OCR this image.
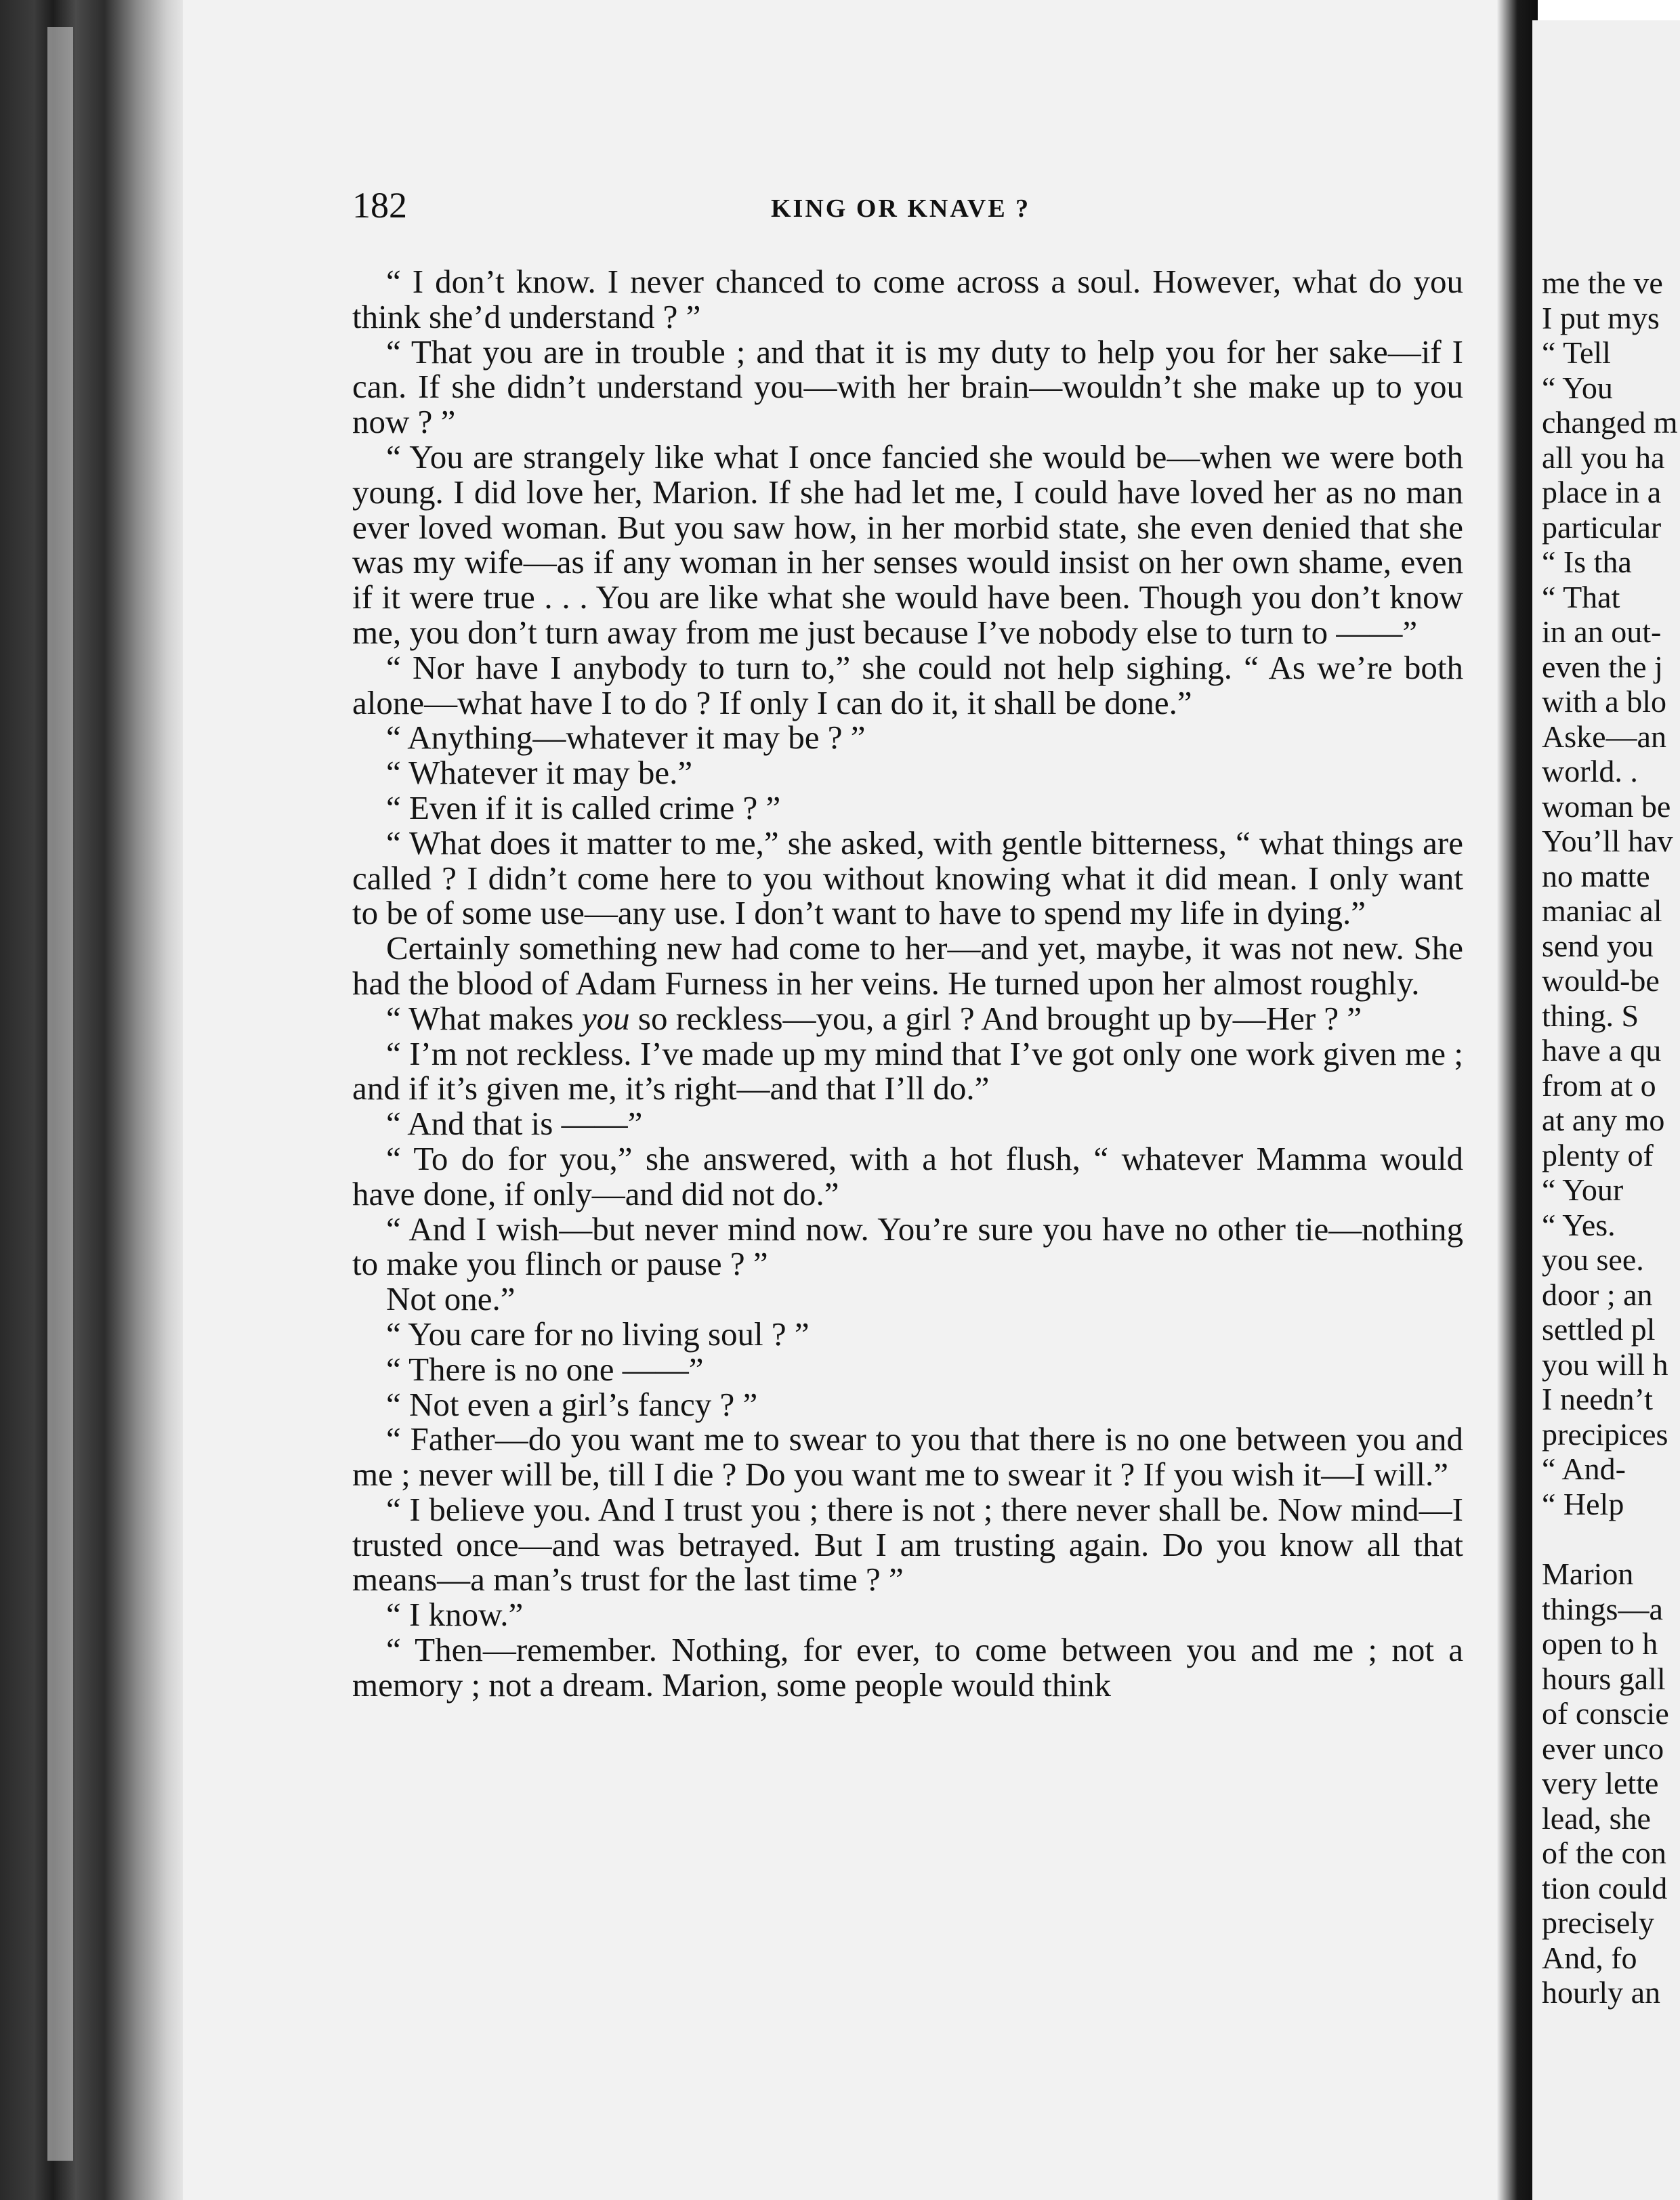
me the ve
I put mys
“ Tell
“ You
changed m
all you ha
place in a
particular
“ Is tha
“ That
in an out-
even the j
with a blo
Aske—an
world. .
woman be
You’ll hav
no matte
maniac al
send you
would-be
thing. S
have a qu
from at o
at any mo
plenty of
“ Your
“ Yes.
you see.
door ; an
settled pl
you will h
I needn’t
precipices
“ And-
“ Help
Marion
things—a
open to h
hours gall
of conscie
ever unco
very lette
lead, she
of the con
tion could
precisely
And, fo
hourly an
182	KING OR KNAVE ?
“ I don’t know. I never chanced to come across a soul. However, what do you think she’d understand ? ”
“ That you are in trouble ; and that it is my duty to help you for her sake—if I can. If she didn’t understand you—with her brain—wouldn’t she make up to you now ? ”
“ You are strangely like what I once fancied she would be—when we were both young. I did love her, Marion. If she had let me, I could have loved her as no man ever loved woman. But you saw how, in her morbid state, she even denied that she was my wife—as if any woman in her senses would insist on her own shame, even if it were true . . . You are like what she would have been. Though you don’t know me, you don’t turn away from me just because I’ve nobody else to turn to ——”
“ Nor have I anybody to turn to,” she could not help sighing. “ As we’re both alone—what have I to do ? If only I can do it, it shall be done.”
“ Anything—whatever it may be ? ”
“ Whatever it may be.”
“ Even if it is called crime ? ”
“ What does it matter to me,” she asked, with gentle bitterness, “ what things are called ? I didn’t come here to you without knowing what it did mean. I only want to be of some use—any use. I don’t want to have to spend my life in dying.”
Certainly something new had come to her—and yet, maybe, it was not new. She had the blood of Adam Furness in her veins. He turned upon her almost roughly.
“ What makes you so reckless—you, a girl ? And brought up by—Her ? ”
“ I’m not reckless. I’ve made up my mind that I’ve got only one work given me ; and if it’s given me, it’s right—and that I’ll do.”
“ And that is ——”
“ To do for you,” she answered, with a hot flush, “ whatever Mamma would have done, if only—and did not do.”
“ And I wish—but never mind now. You’re sure you have no other tie—nothing to make you flinch or pause ? ”
Not one.”
“ You care for no living soul ? ”
“ There is no one ——”
“ Not even a girl’s fancy ? ”
“ Father—do you want me to swear to you that there is no one between you and me ; never will be, till I die ? Do you want me to swear it ? If you wish it—I will.”
“ I believe you. And I trust you ; there is not ; there never shall be. Now mind—I trusted once—and was betrayed. But I am trusting again. Do you know all that means—a man’s trust for the last time ? ”
“ I know.”
“ Then—remember. Nothing, for ever, to come between you and me ; not a memory ; not a dream. Marion, some people would think
